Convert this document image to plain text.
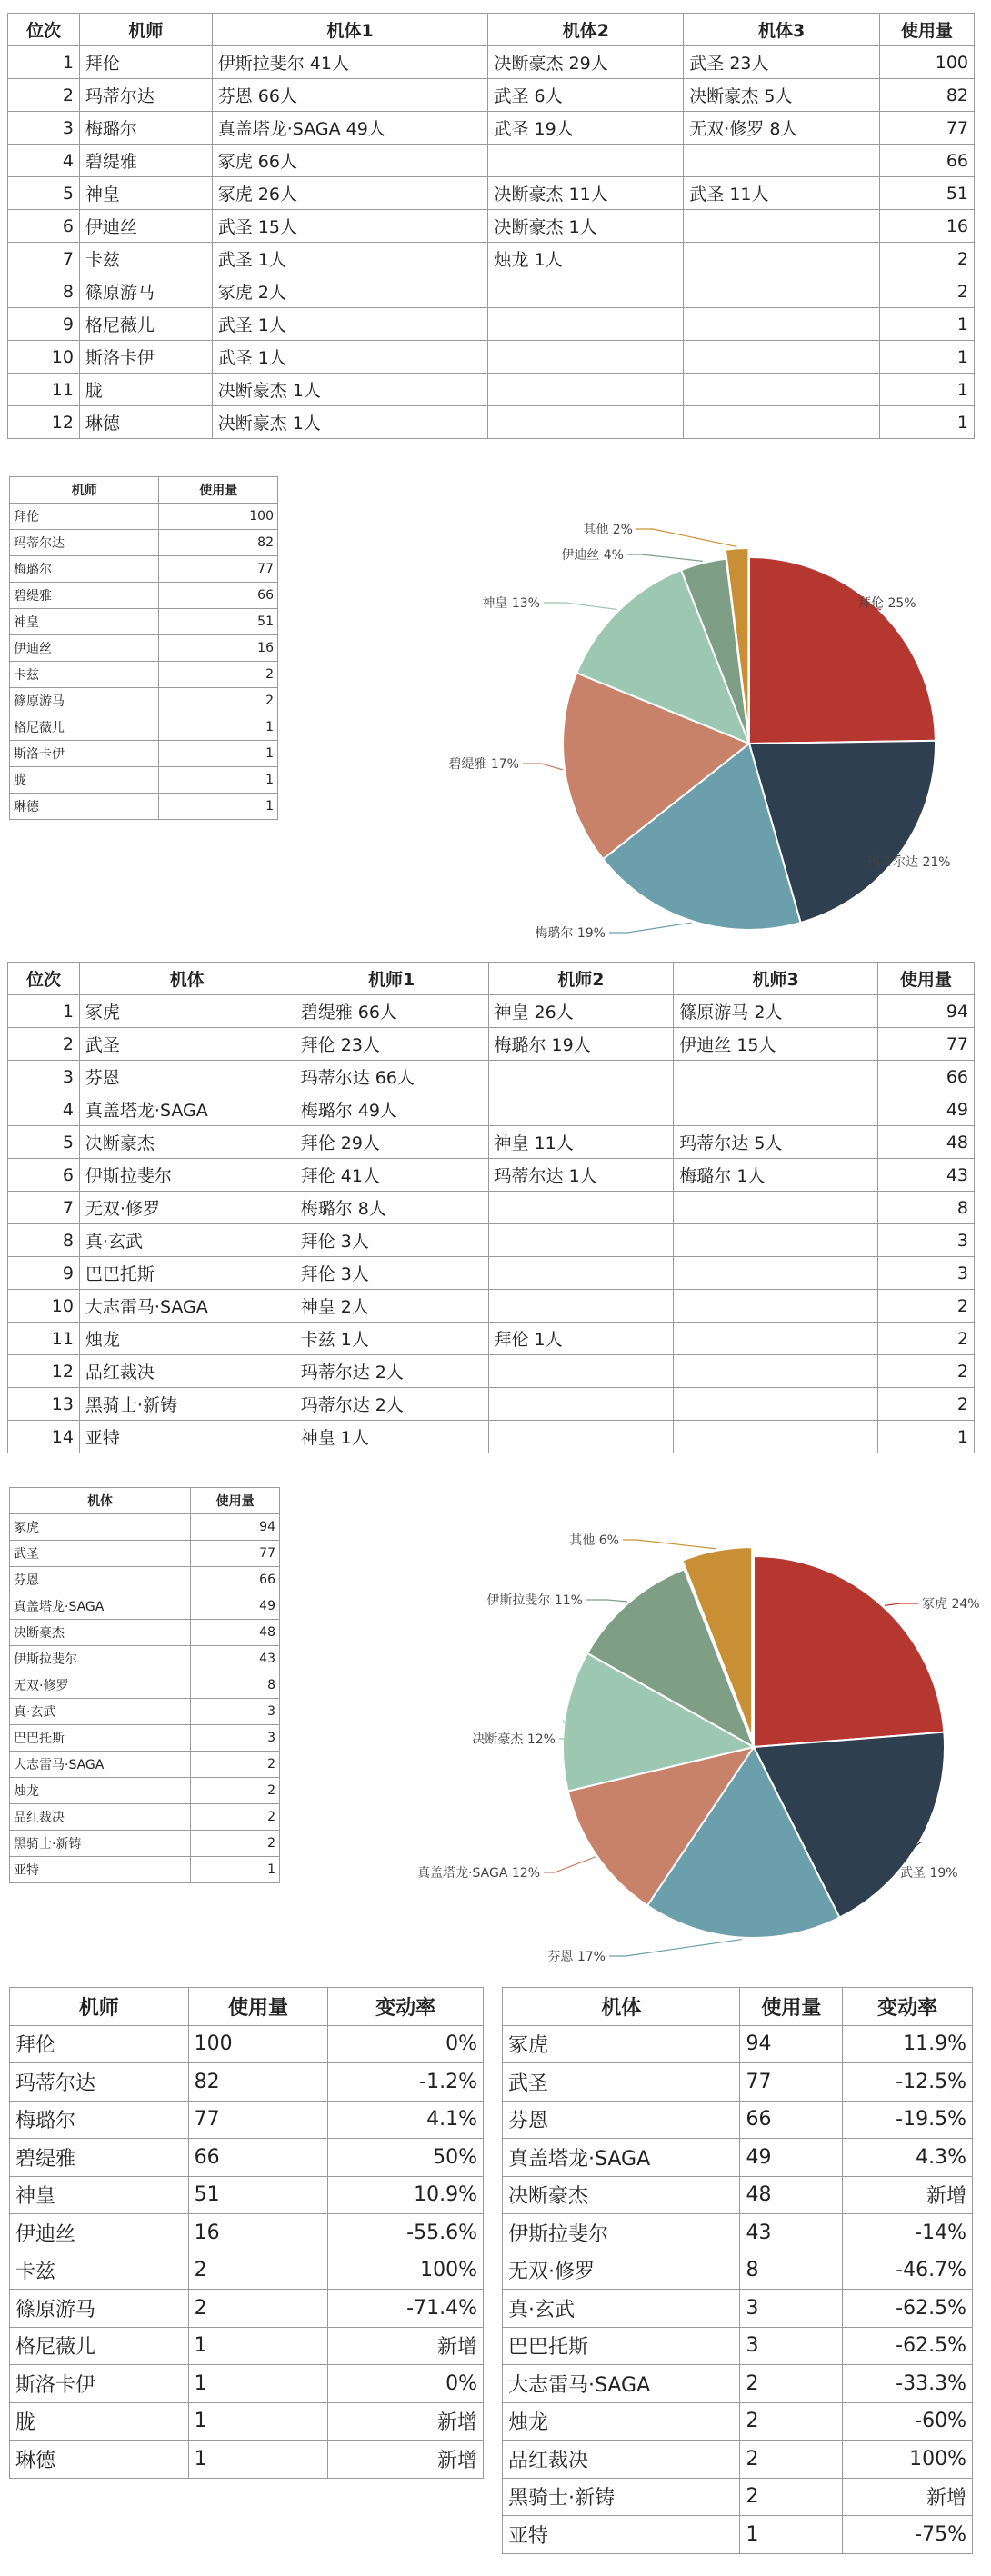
位次	机师	机体1	机体2	机体3	使用量
1	拜伦	伊斯拉斐尔 41人	决断豪杰 29人	武圣 23人	100
2	玛蒂尔达	芬恩 66人	武圣 6人	决断豪杰 5人	82
3	梅璐尔	真盖塔龙·SAGA 49人	武圣 19人	无双·修罗 8人	77
4	碧缇雅	冢虎 66人			66
5	神皇	冢虎 26人	决断豪杰 11人	武圣 11人	51
6	伊迪丝	武圣 15人	决断豪杰 1人		16
7	卡兹	武圣 1人	烛龙 1人		2
8	篠原游马	冢虎 2人			2
9	格尼薇儿	武圣 1人			1
10	斯洛卡伊	武圣 1人			1
11	胧	决断豪杰 1人			1
12	琳德	决断豪杰 1人			1
机师	使用量
拜伦	100
玛蒂尔达	82
梅璐尔	77
碧缇雅	66
神皇	51
伊迪丝	16
卡兹	2
篠原游马	2
格尼薇儿	1
斯洛卡伊	1
胧	1
琳德	1
拜伦 25%
玛蒂尔达 21%
梅璐尔 19%
碧缇雅 17%
神皇 13%
伊迪丝 4%
其他 2%
位次	机体	机师1	机师2	机师3	使用量
1	冢虎	碧缇雅 66人	神皇 26人	篠原游马 2人	94
2	武圣	拜伦 23人	梅璐尔 19人	伊迪丝 15人	77
3	芬恩	玛蒂尔达 66人			66
4	真盖塔龙·SAGA	梅璐尔 49人			49
5	决断豪杰	拜伦 29人	神皇 11人	玛蒂尔达 5人	48
6	伊斯拉斐尔	拜伦 41人	玛蒂尔达 1人	梅璐尔 1人	43
7	无双·修罗	梅璐尔 8人			8
8	真·玄武	拜伦 3人			3
9	巴巴托斯	拜伦 3人			3
10	大志雷马·SAGA	神皇 2人			2
11	烛龙	卡兹 1人	拜伦 1人		2
12	品红裁决	玛蒂尔达 2人			2
13	黑骑士·新铸	玛蒂尔达 2人			2
14	亚特	神皇 1人			1
机体	使用量
冢虎	94
武圣	77
芬恩	66
真盖塔龙·SAGA	49
决断豪杰	48
伊斯拉斐尔	43
无双·修罗	8
真·玄武	3
巴巴托斯	3
大志雷马·SAGA	2
烛龙	2
品红裁决	2
黑骑士·新铸	2
亚特	1
冢虎 24%
武圣 19%
芬恩 17%
真盖塔龙·SAGA 12%
决断豪杰 12%
伊斯拉斐尔 11%
其他 6%
机师	使用量	变动率
拜伦	100	0%
玛蒂尔达	82	-1.2%
梅璐尔	77	4.1%
碧缇雅	66	50%
神皇	51	10.9%
伊迪丝	16	-55.6%
卡兹	2	100%
篠原游马	2	-71.4%
格尼薇儿	1	新增
斯洛卡伊	1	0%
胧	1	新增
琳德	1	新增
机体	使用量	变动率
冢虎	94	11.9%
武圣	77	-12.5%
芬恩	66	-19.5%
真盖塔龙·SAGA	49	4.3%
决断豪杰	48	新增
伊斯拉斐尔	43	-14%
无双·修罗	8	-46.7%
真·玄武	3	-62.5%
巴巴托斯	3	-62.5%
大志雷马·SAGA	2	-33.3%
烛龙	2	-60%
品红裁决	2	100%
黑骑士·新铸	2	新增
亚特	1	-75%
